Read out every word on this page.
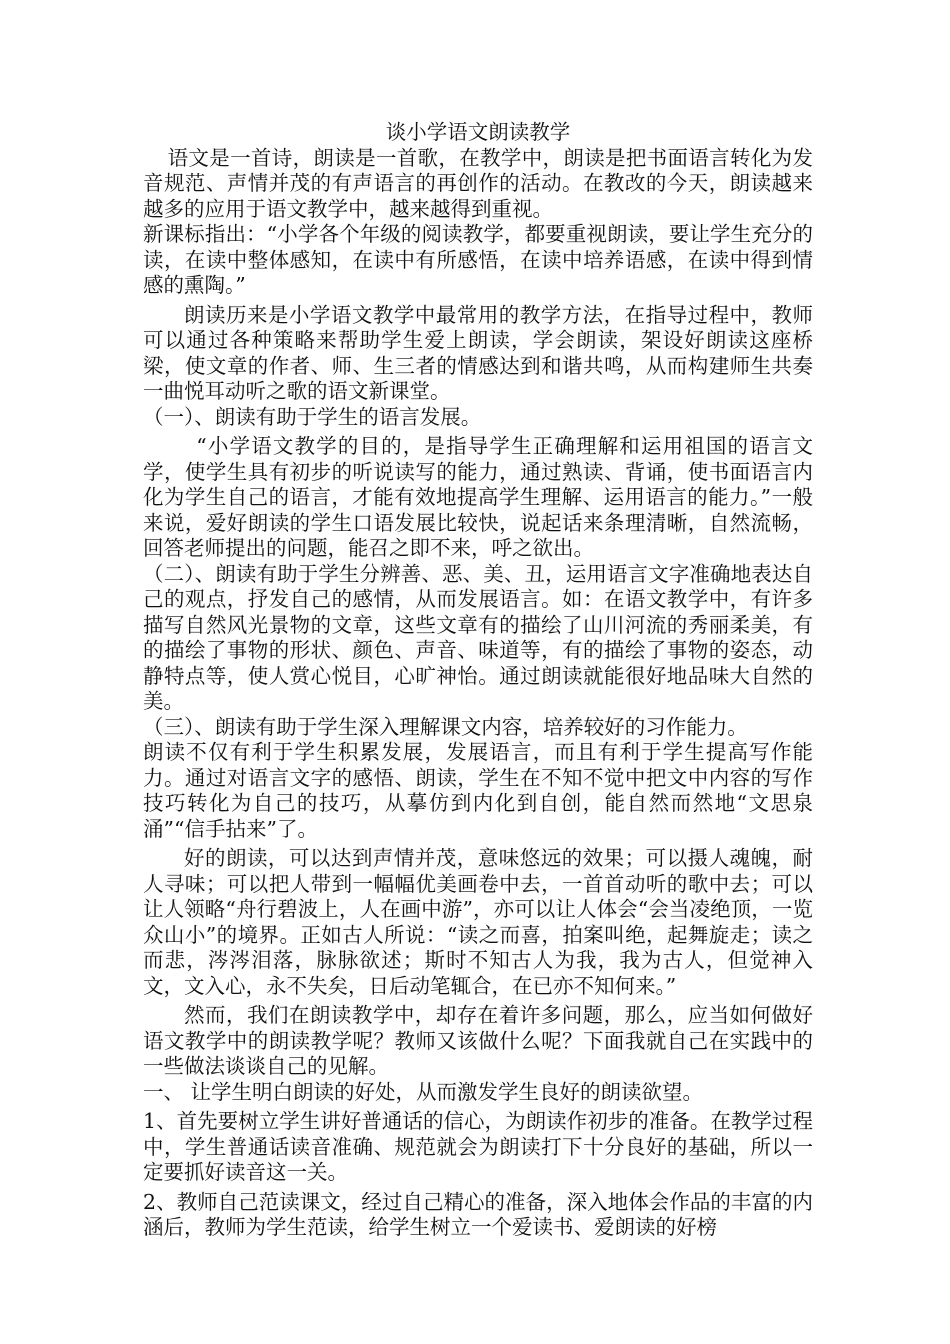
谈小学语文朗读教学

语文是一首诗，朗读是一首歌，在教学中，朗读是把书面语言转化为发音规范、声情并茂的有声语言的再创作的活动。在教改的今天，朗读越来越多的应用于语文教学中，越来越得到重视。

新课标指出：“小学各个年级的阅读教学，都要重视朗读，要让学生充分的读，在读中整体感知，在读中有所感悟，在读中培养语感，在读中得到情感的熏陶。”

朗读历来是小学语文教学中最常用的教学方法，在指导过程中，教师可以通过各种策略来帮助学生爱上朗读，学会朗读，架设好朗读这座桥梁，使文章的作者、师、生三者的情感达到和谐共鸣，从而构建师生共奏一曲悦耳动听之歌的语文新课堂。

（一）、朗读有助于学生的语言发展。

“小学语文教学的目的，是指导学生正确理解和运用祖国的语言文学，使学生具有初步的听说读写的能力，通过熟读、背诵，使书面语言内化为学生自己的语言，才能有效地提高学生理解、运用语言的能力。”一般来说，爱好朗读的学生口语发展比较快，说起话来条理清晰，自然流畅，回答老师提出的问题，能召之即不来，呼之欲出。

（二）、朗读有助于学生分辨善、恶、美、丑，运用语言文字准确地表达自己的观点，抒发自己的感情，从而发展语言。如：在语文教学中，有许多描写自然风光景物的文章，这些文章有的描绘了山川河流的秀丽柔美，有的描绘了事物的形状、颜色、声音、味道等，有的描绘了事物的姿态，动静特点等，使人赏心悦目，心旷神怡。通过朗读就能很好地品味大自然的美。

（三）、朗读有助于学生深入理解课文内容，培养较好的习作能力。

朗读不仅有利于学生积累发展，发展语言，而且有利于学生提高写作能力。通过对语言文字的感悟、朗读，学生在不知不觉中把文中内容的写作技巧转化为自己的技巧，从摹仿到内化到自创，能自然而然地“文思泉涌”“信手拈来”了。

好的朗读，可以达到声情并茂，意味悠远的效果；可以摄人魂魄，耐人寻味；可以把人带到一幅幅优美画卷中去，一首首动听的歌中去；可以让人领略“舟行碧波上，人在画中游”，亦可以让人体会“会当凌绝顶，一览众山小”的境界。正如古人所说：“读之而喜，拍案叫绝，起舞旋走；读之而悲，涔涔泪落，脉脉欲述；斯时不知古人为我，我为古人，但觉神入文，文入心，永不失矣，日后动笔辄合，在已亦不知何来。”

然而，我们在朗读教学中，却存在着许多问题，那么，应当如何做好语文教学中的朗读教学呢？教师又该做什么呢？下面我就自己在实践中的一些做法谈谈自己的见解。

一、 让学生明白朗读的好处，从而激发学生良好的朗读欲望。

1、首先要树立学生讲好普通话的信心，为朗读作初步的准备。在教学过程中，学生普通话读音准确、规范就会为朗读打下十分良好的基础，所以一定要抓好读音这一关。

2、教师自己范读课文，经过自己精心的准备，深入地体会作品的丰富的内涵后，教师为学生范读，给学生树立一个爱读书、爱朗读的好榜
